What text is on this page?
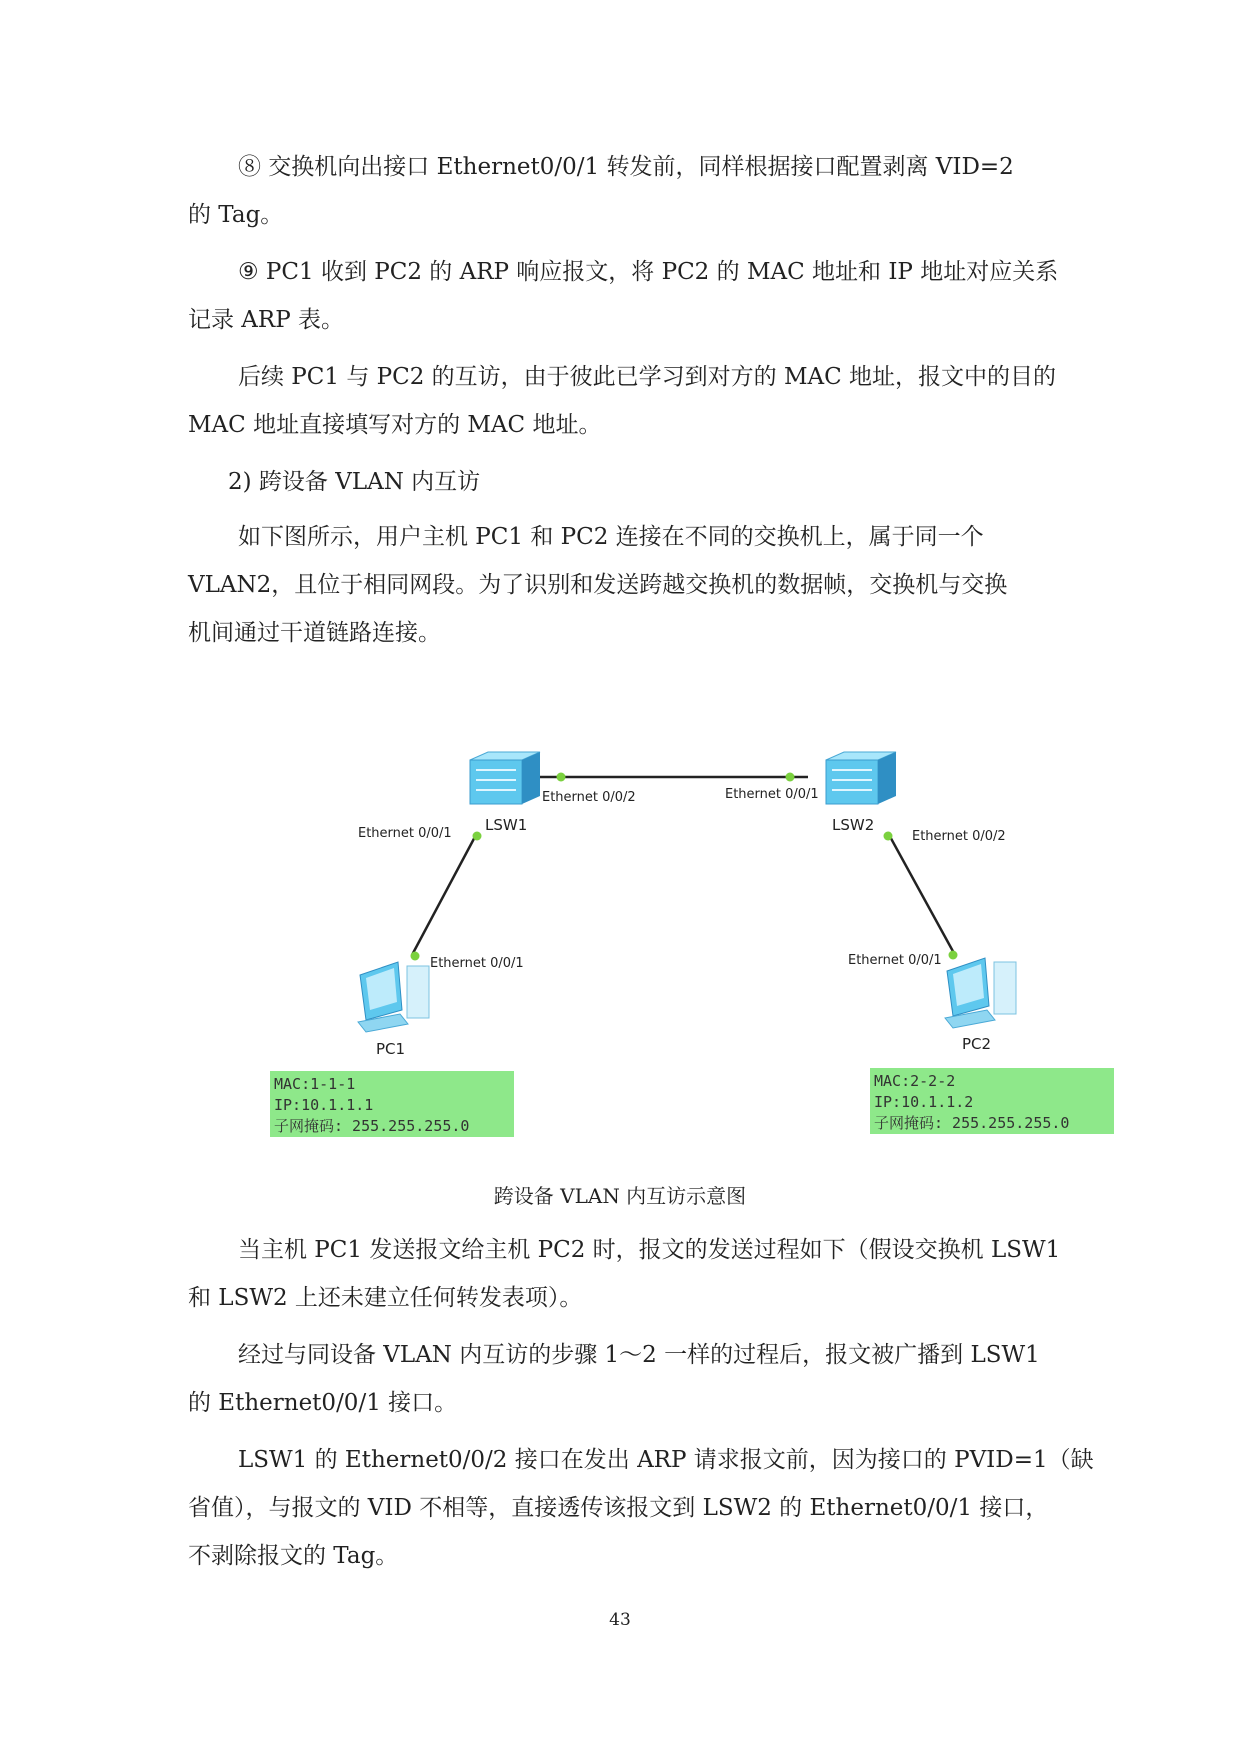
⑧ 交换机向出接口 Ethernet0/0/1 转发前，同样根据接口配置剥离 VID=2
的 Tag。
⑨ PC1 收到 PC2 的 ARP 响应报文，将 PC2 的 MAC 地址和 IP 地址对应关系
记录 ARP 表。
后续 PC1 与 PC2 的互访，由于彼此已学习到对方的 MAC 地址，报文中的目的
MAC 地址直接填写对方的 MAC 地址。
2) 跨设备 VLAN 内互访
如下图所示，用户主机 PC1 和 PC2 连接在不同的交换机上，属于同一个
VLAN2，且位于相同网段。为了识别和发送跨越交换机的数据帧，交换机与交换
机间通过干道链路连接。
Ethernet 0/0/2	Ethernet 0/0/1
LSW1	LSW2
Ethernet 0/0/1	Ethernet 0/0/2
Ethernet 0/0/1	Ethernet 0/0/1
PC1	PC2
MAC:1-1-1
IP:10.1.1.1
子网掩码: 255.255.255.0
MAC:2-2-2
IP:10.1.1.2
子网掩码: 255.255.255.0
跨设备 VLAN 内互访示意图
当主机 PC1 发送报文给主机 PC2 时，报文的发送过程如下（假设交换机 LSW1
和 LSW2 上还未建立任何转发表项）。
经过与同设备 VLAN 内互访的步骤 1～2 一样的过程后，报文被广播到 LSW1
的 Ethernet0/0/1 接口。
LSW1 的 Ethernet0/0/2 接口在发出 ARP 请求报文前，因为接口的 PVID=1（缺
省值），与报文的 VID 不相等，直接透传该报文到 LSW2 的 Ethernet0/0/1 接口，
不剥除报文的 Tag。
43
